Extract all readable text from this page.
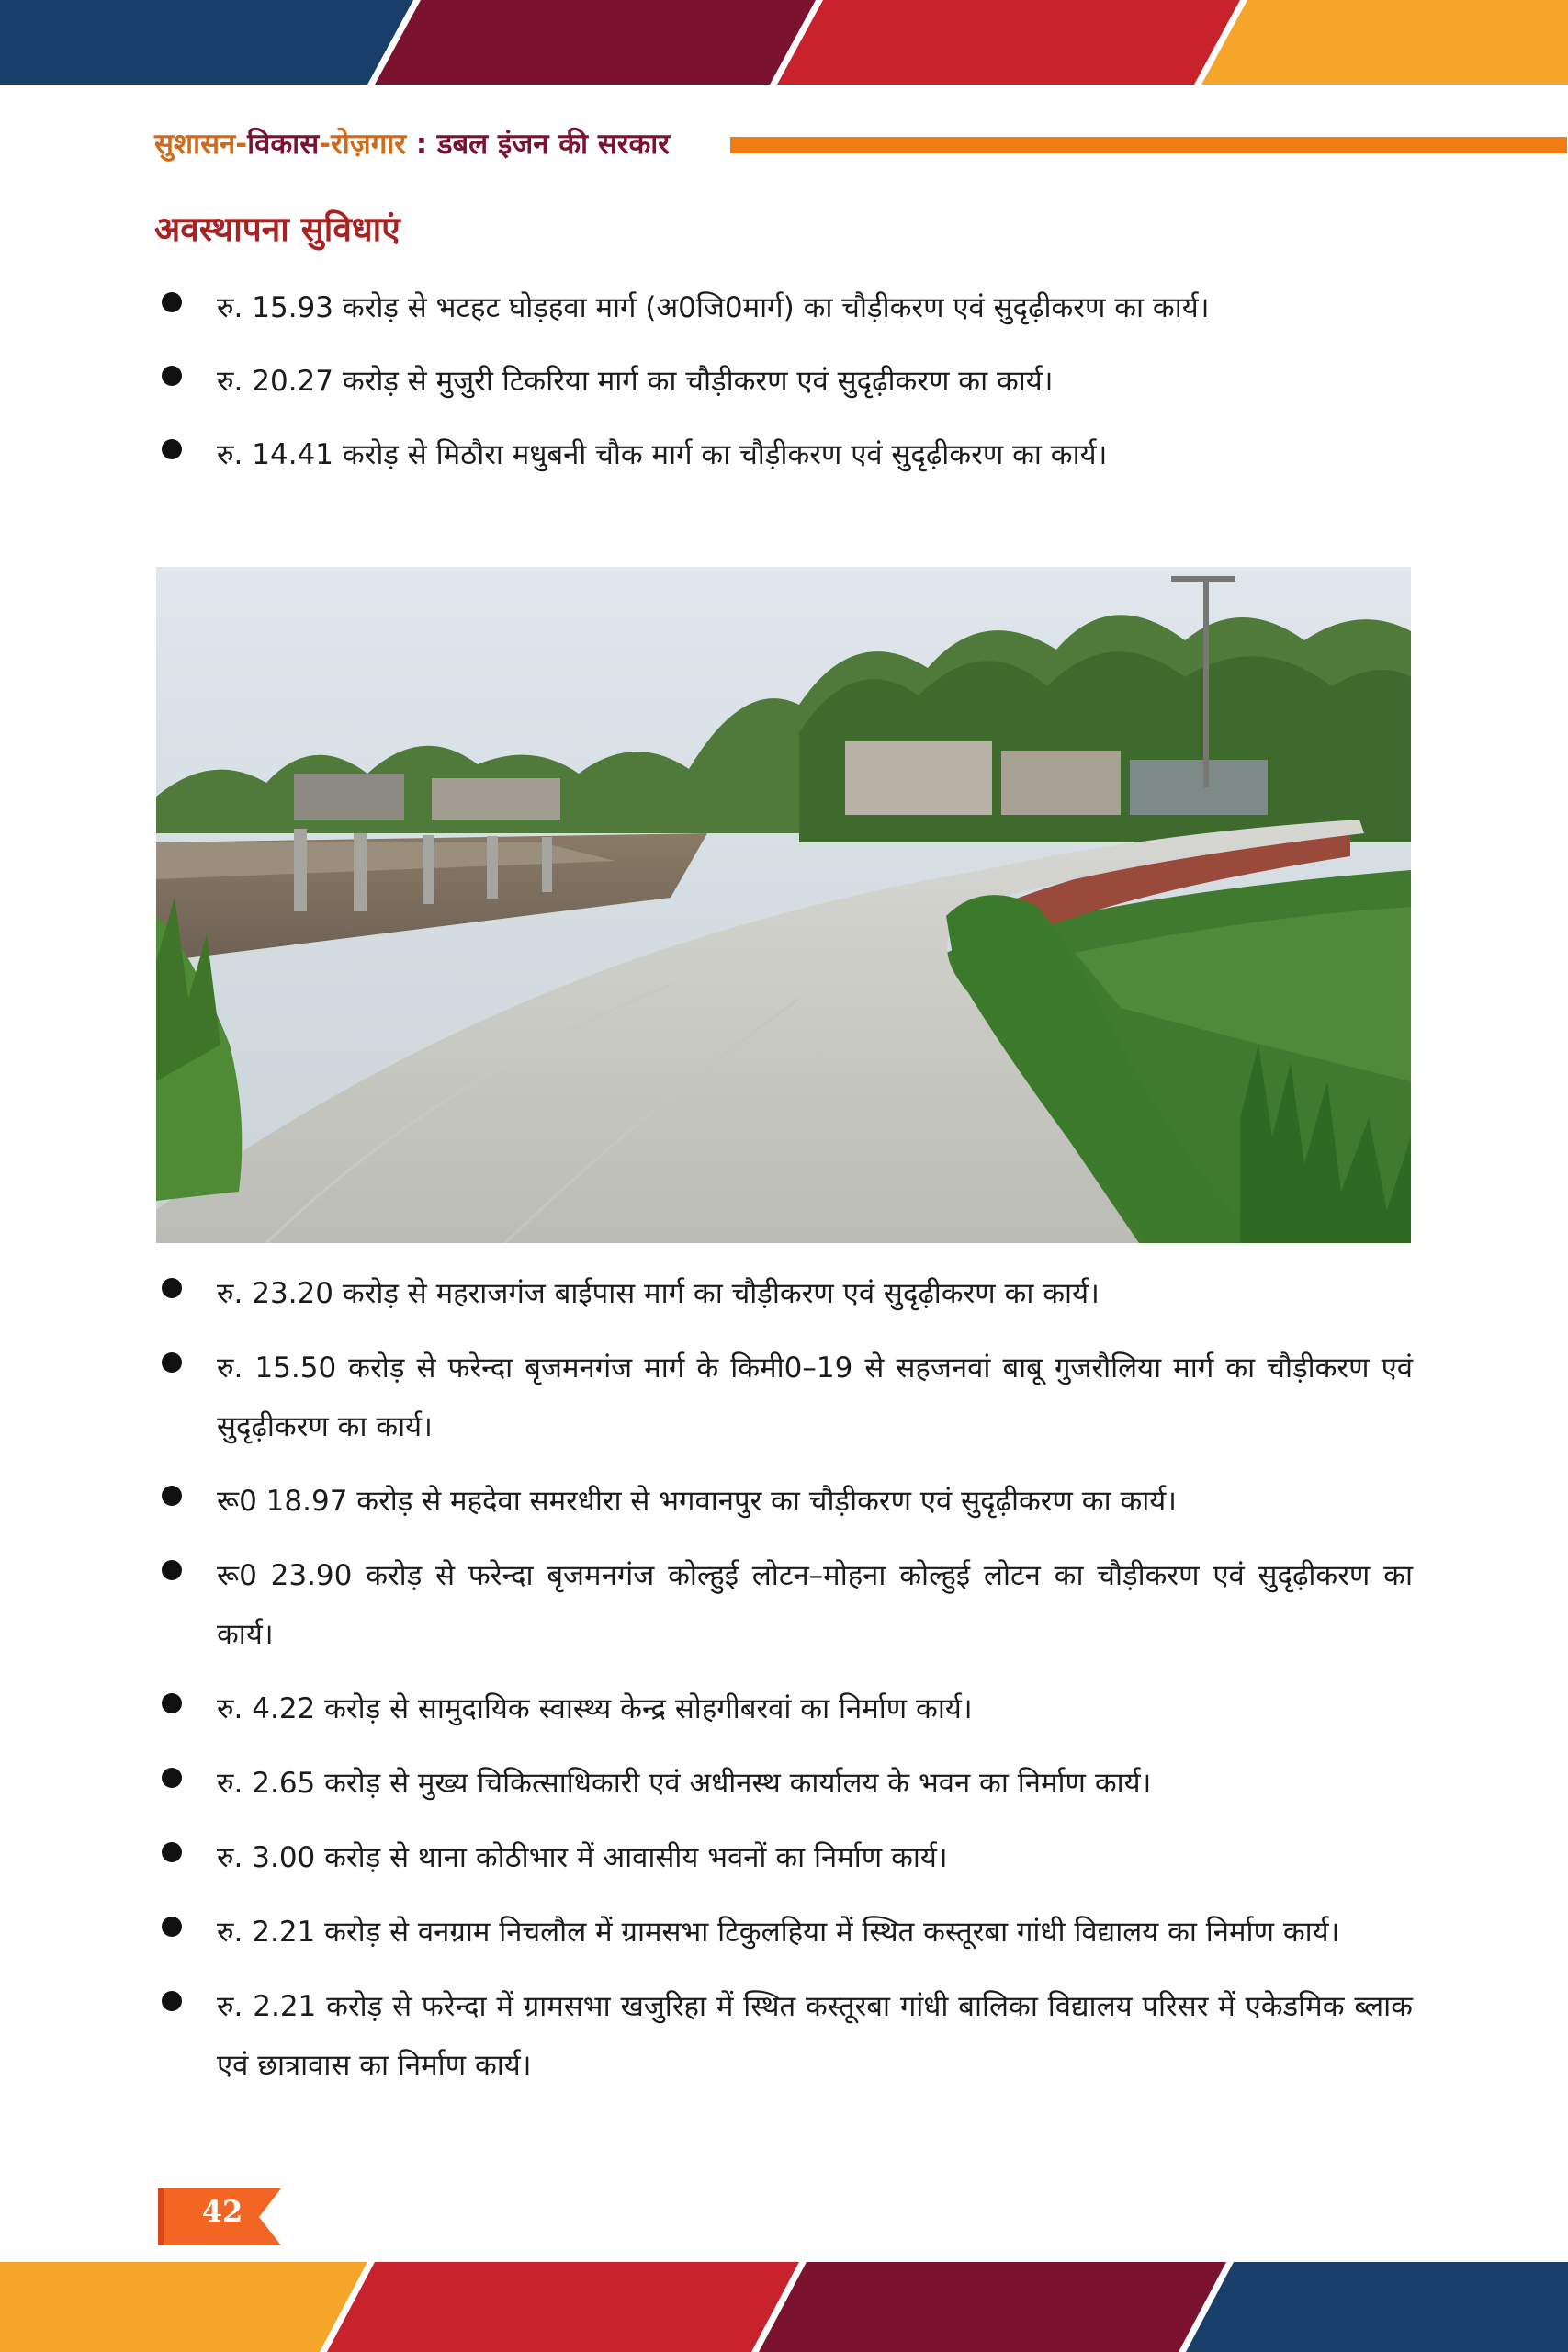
सुशासन-विकास-रोज़गार : डबल इंजन की सरकार
अवस्थापना सुविधाएं
रु. 15.93 करोड़ से भटहट घोड़हवा मार्ग (अ0जि0मार्ग) का चौड़ीकरण एवं सुदृढ़ीकरण का कार्य।
रु. 20.27 करोड़ से मुजुरी टिकरिया मार्ग का चौड़ीकरण एवं सुदृढ़ीकरण का कार्य।
रु. 14.41 करोड़ से मिठौरा मधुबनी चौक मार्ग का चौड़ीकरण एवं सुदृढ़ीकरण का कार्य।
रु. 23.20 करोड़ से महराजगंज बाईपास मार्ग का चौड़ीकरण एवं सुदृढ़ीकरण का कार्य।
रु. 15.50 करोड़ से फरेन्दा बृजमनगंज मार्ग के किमी0–19 से सहजनवां बाबू गुजरौलिया मार्ग का चौड़ीकरण एवं सुदृढ़ीकरण का कार्य।
रू0 18.97 करोड़ से महदेवा समरधीरा से भगवानपुर का चौड़ीकरण एवं सुदृढ़ीकरण का कार्य।
रू0 23.90 करोड़ से फरेन्दा बृजमनगंज कोल्हुई लोटन–मोहना कोल्हुई लोटन का चौड़ीकरण एवं सुदृढ़ीकरण का कार्य।
रु. 4.22 करोड़ से सामुदायिक स्वास्थ्य केन्द्र सोहगीबरवां का निर्माण कार्य।
रु. 2.65 करोड़ से मुख्य चिकित्साधिकारी एवं अधीनस्थ कार्यालय के भवन का निर्माण कार्य।
रु. 3.00 करोड़ से थाना कोठीभार में आवासीय भवनों का निर्माण कार्य।
रु. 2.21 करोड़ से वनग्राम निचलौल में ग्रामसभा टिकुलहिया में स्थित कस्तूरबा गांधी विद्यालय का निर्माण कार्य।
रु. 2.21 करोड़ से फरेन्दा में ग्रामसभा खजुरिहा में स्थित कस्तूरबा गांधी बालिका विद्यालय परिसर में एकेडमिक ब्लाक एवं छात्रावास का निर्माण कार्य।
42
